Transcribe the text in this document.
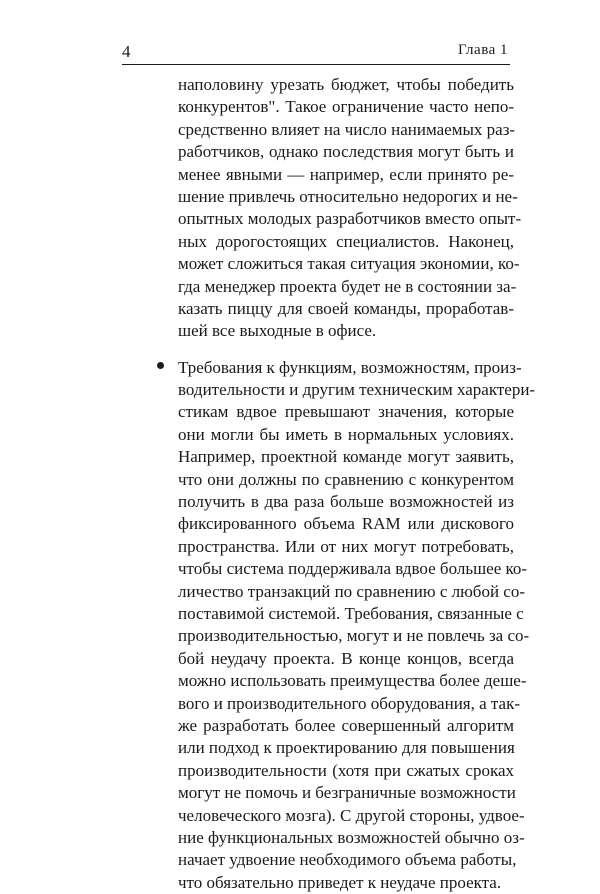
4	Глава 1
наполовину урезать бюджет, чтобы победить
конкурентов". Такое ограничение часто непо-
средственно влияет на число нанимаемых раз-
работчиков, однако последствия могут быть и
менее явными — например, если принято ре-
шение привлечь относительно недорогих и не-
опытных молодых разработчиков вместо опыт-
ных дорогостоящих специалистов. Наконец,
может сложиться такая ситуация экономии, ко-
гда менеджер проекта будет не в состоянии за-
казать пиццу для своей команды, проработав-
шей все выходные в офисе.
Требования к функциям, возможностям, произ-
водительности и другим техническим характери-
стикам вдвое превышают значения, которые
они могли бы иметь в нормальных условиях.
Например, проектной команде могут заявить,
что они должны по сравнению с конкурентом
получить в два раза больше возможностей из
фиксированного объема RAM или дискового
пространства. Или от них могут потребовать,
чтобы система поддерживала вдвое большее ко-
личество транзакций по сравнению с любой со-
поставимой системой. Требования, связанные с
производительностью, могут и не повлечь за со-
бой неудачу проекта. В конце концов, всегда
можно использовать преимущества более деше-
вого и производительного оборудования, а так-
же разработать более совершенный алгоритм
или подход к проектированию для повышения
производительности (хотя при сжатых сроках
могут не помочь и безграничные возможности
человеческого мозга). С другой стороны, удвое-
ние функциональных возможностей обычно оз-
начает удвоение необходимого объема работы,
что обязательно приведет к неудаче проекта.
